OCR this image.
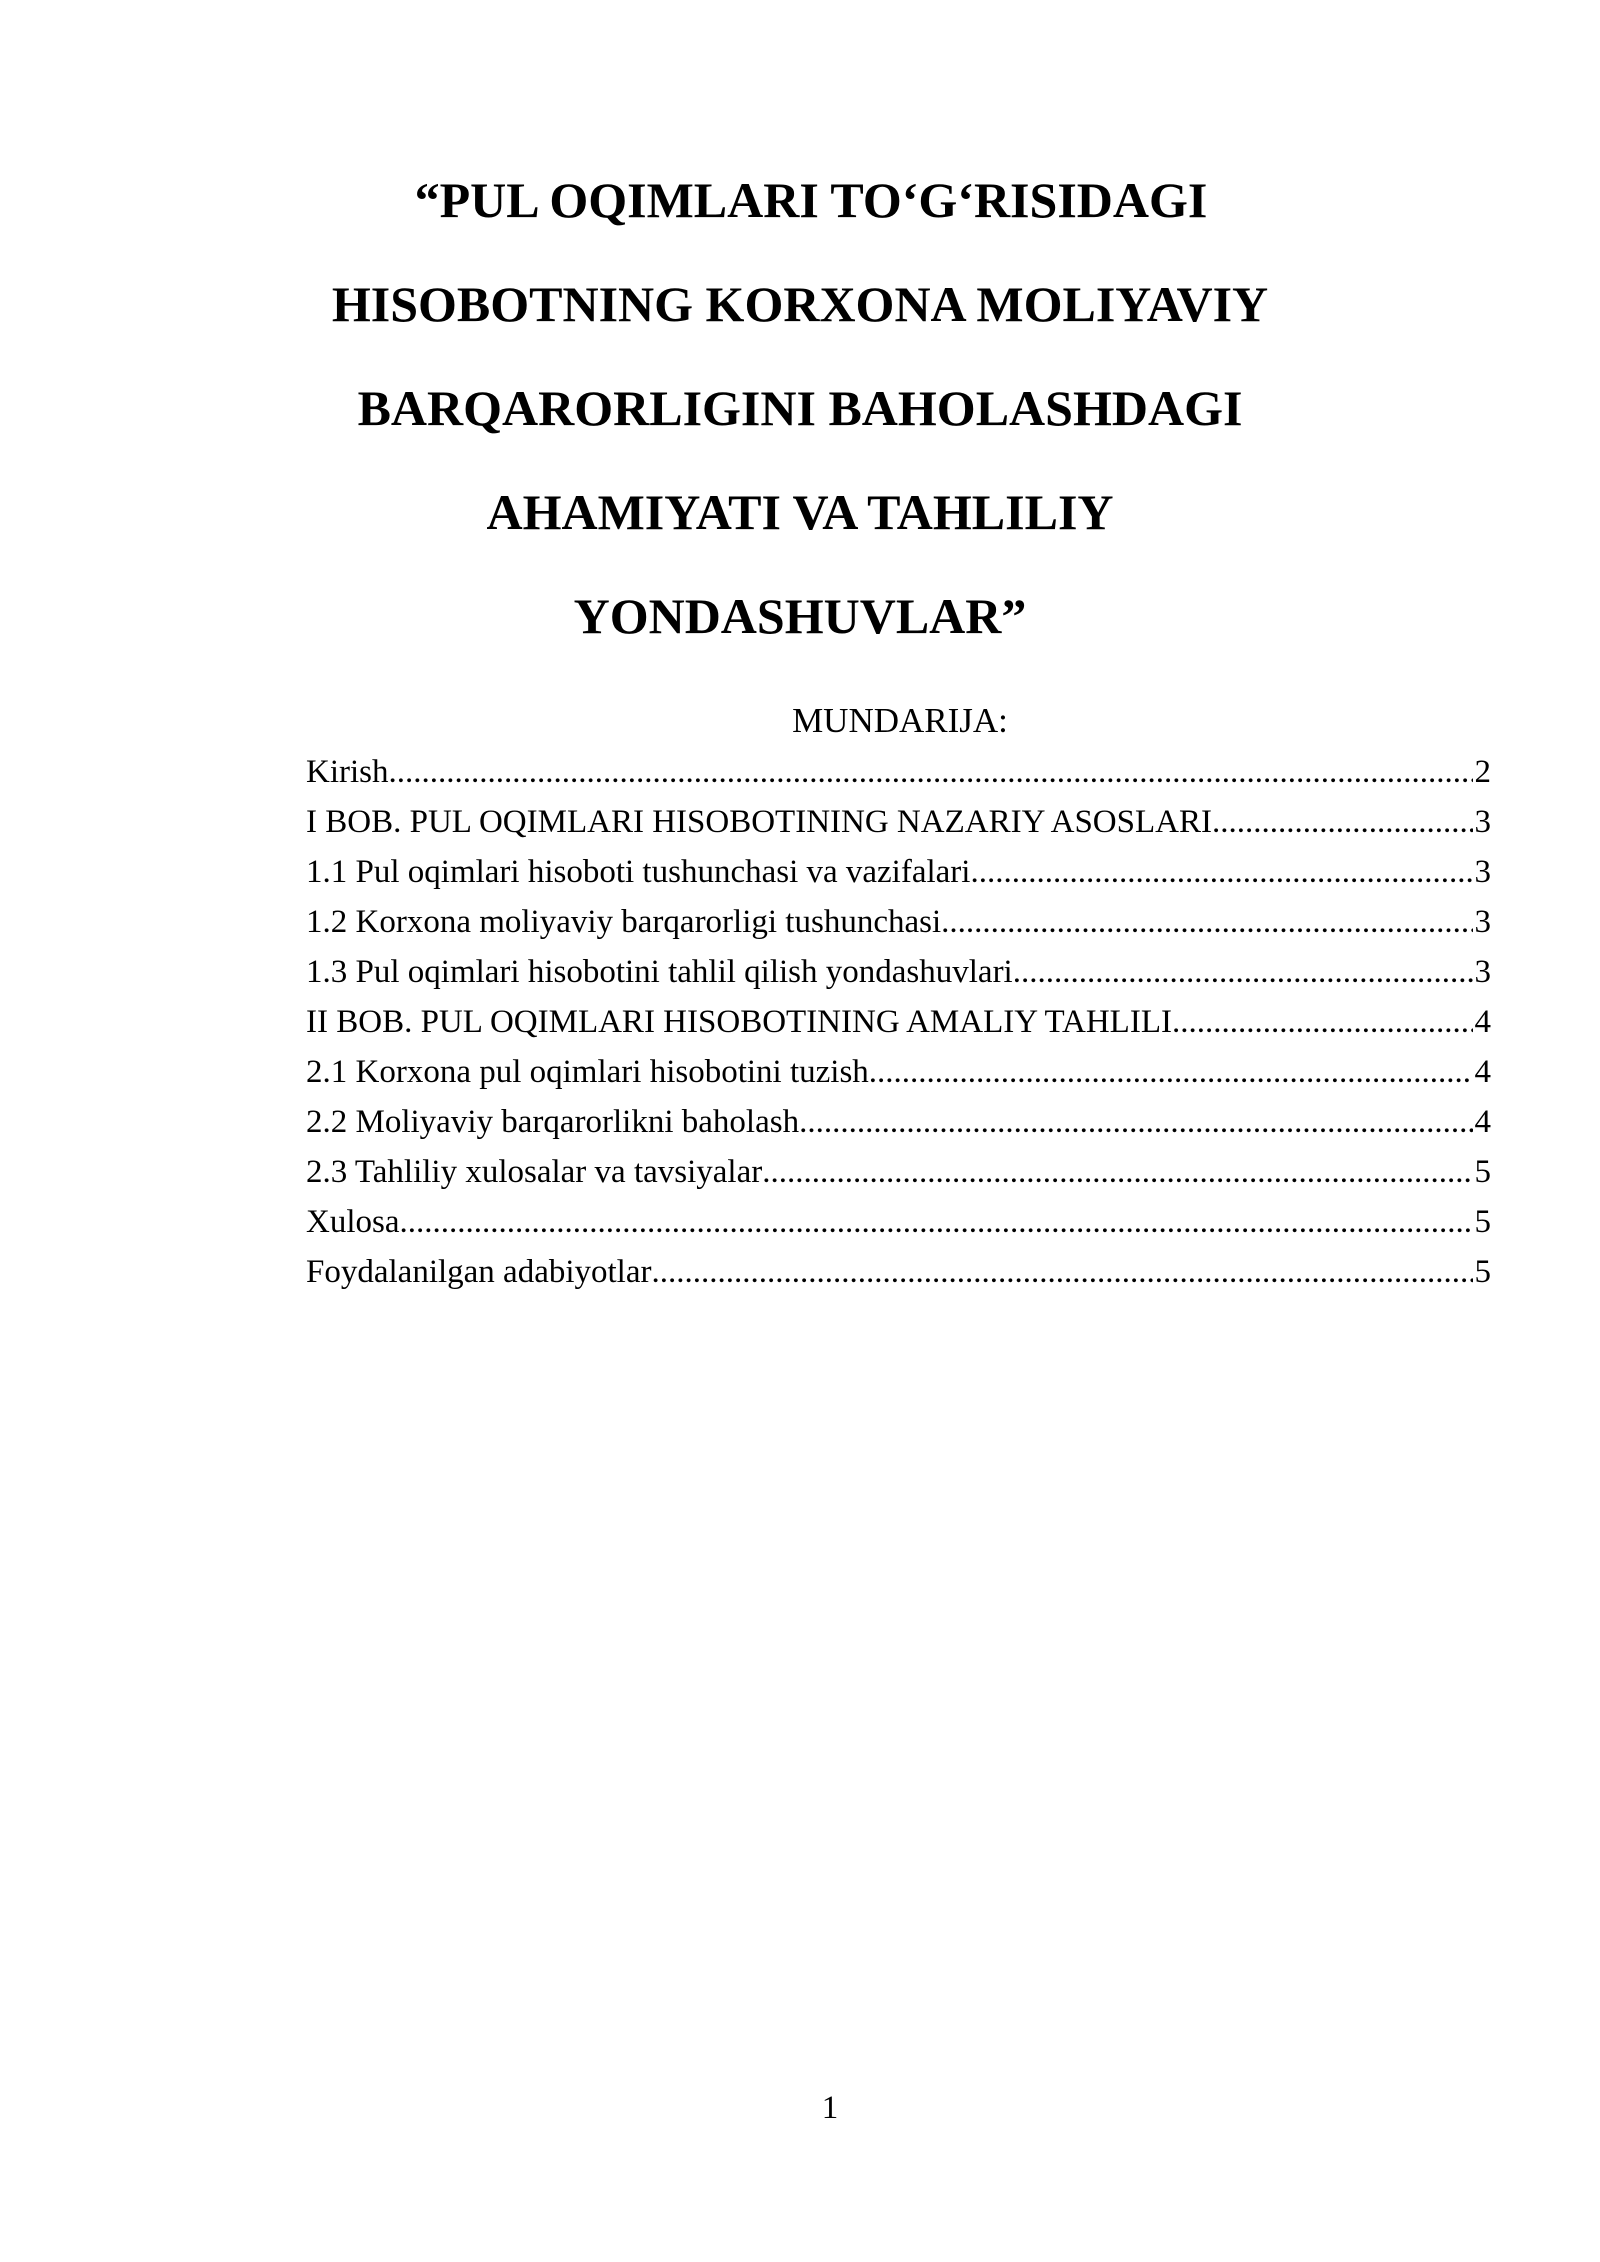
“PUL OQIMLARI TO‘G‘RISIDAGI
HISOBOTNING KORXONA MOLIYAVIY
BARQARORLIGINI BAHOLASHDAGI
AHAMIYATI VA TAHLILIY
YONDASHUVLAR”
MUNDARIJA:
Kirish .....	2
I BOB. PUL OQIMLARI HISOBOTINING NAZARIY ASOSLARI .....	3
1.1 Pul oqimlari hisoboti tushunchasi va vazifalari .....	3
1.2 Korxona moliyaviy barqarorligi tushunchasi .....	3
1.3 Pul oqimlari hisobotini tahlil qilish yondashuvlari .....	3
II BOB. PUL OQIMLARI HISOBOTINING AMALIY TAHLILI .....	4
2.1 Korxona pul oqimlari hisobotini tuzish .....	4
2.2 Moliyaviy barqarorlikni baholash .....	4
2.3 Tahliliy xulosalar va tavsiyalar .....	5
Xulosa .....	5
Foydalanilgan adabiyotlar .....	5
1
